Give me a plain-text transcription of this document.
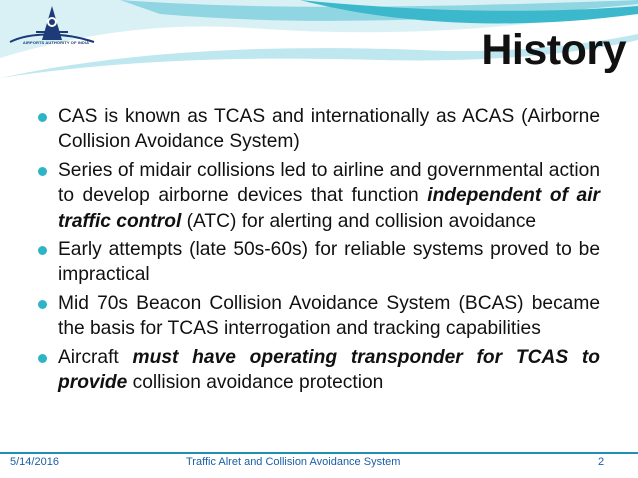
AIRPORTS AUTHORITY OF INDIA	History
CAS is known as TCAS and internationally as ACAS (Airborne Collision Avoidance System)
Series of midair collisions led to airline and governmental action to develop airborne devices that function independent of air traffic control (ATC) for alerting and collision avoidance
Early attempts (late 50s-60s) for reliable systems proved to be impractical
Mid 70s Beacon Collision Avoidance System (BCAS) became the basis for TCAS interrogation and tracking capabilities
Aircraft must have operating transponder for TCAS to provide collision avoidance protection
5/14/2016	Traffic Alret and Collision Avoidance System	2
